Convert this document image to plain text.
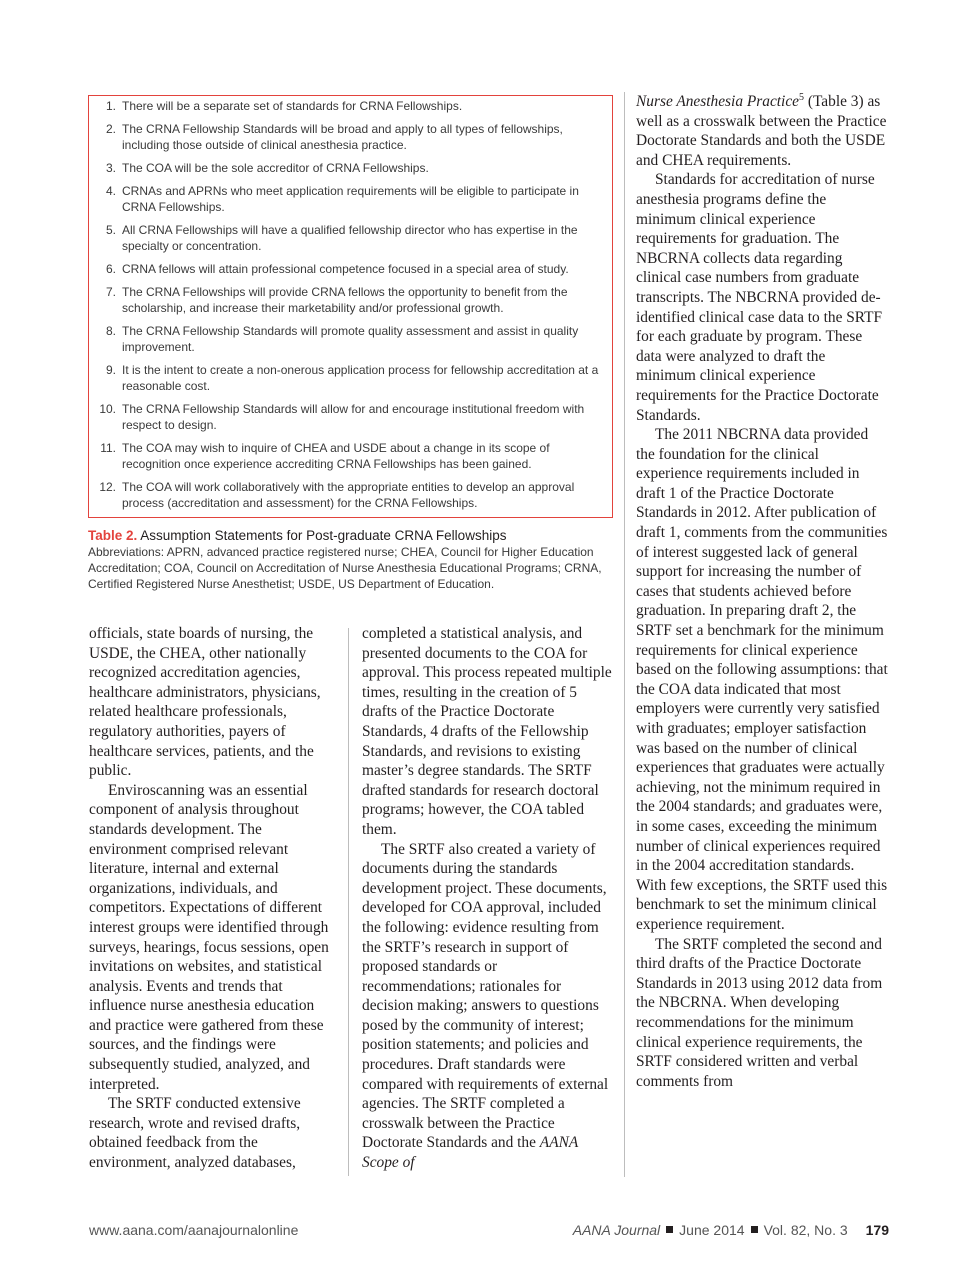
1. There will be a separate set of standards for CRNA Fellowships.
2. The CRNA Fellowship Standards will be broad and apply to all types of fellowships, including those outside of clinical anesthesia practice.
3. The COA will be the sole accreditor of CRNA Fellowships.
4. CRNAs and APRNs who meet application requirements will be eligible to participate in CRNA Fellowships.
5. All CRNA Fellowships will have a qualified fellowship director who has expertise in the specialty or concentration.
6. CRNA fellows will attain professional competence focused in a special area of study.
7. The CRNA Fellowships will provide CRNA fellows the opportunity to benefit from the scholarship, and increase their marketability and/or professional growth.
8. The CRNA Fellowship Standards will promote quality assessment and assist in quality improvement.
9. It is the intent to create a non-onerous application process for fellowship accreditation at a reasonable cost.
10. The CRNA Fellowship Standards will allow for and encourage institutional freedom with respect to design.
11. The COA may wish to inquire of CHEA and USDE about a change in its scope of recognition once experience accrediting CRNA Fellowships has been gained.
12. The COA will work collaboratively with the appropriate entities to develop an approval process (accreditation and assessment) for the CRNA Fellowships.
Table 2. Assumption Statements for Post-graduate CRNA Fellowships
Abbreviations: APRN, advanced practice registered nurse; CHEA, Council for Higher Education Accreditation; COA, Council on Accreditation of Nurse Anesthesia Educational Programs; CRNA, Certified Registered Nurse Anesthetist; USDE, US Department of Education.

officials, state boards of nursing, the USDE, the CHEA, other nationally recognized accreditation agencies, healthcare administrators, physicians, related healthcare professionals, regulatory authorities, payers of healthcare services, patients, and the public.

Enviroscanning was an essential component of analysis throughout standards development. The environment comprised relevant literature, internal and external organizations, individuals, and competitors. Expectations of different interest groups were identified through surveys, hearings, focus sessions, open invitations on websites, and statistical analysis. Events and trends that influence nurse anesthesia education and practice were gathered from these sources, and the findings were subsequently studied, analyzed, and interpreted.

The SRTF conducted extensive research, wrote and revised drafts, obtained feedback from the environment, analyzed databases,

completed a statistical analysis, and presented documents to the COA for approval. This process repeated multiple times, resulting in the creation of 5 drafts of the Practice Doctorate Standards, 4 drafts of the Fellowship Standards, and revisions to existing master’s degree standards. The SRTF drafted standards for research doctoral programs; however, the COA tabled them.

The SRTF also created a variety of documents during the standards development project. These documents, developed for COA approval, included the following: evidence resulting from the SRTF’s research in support of proposed standards or recommendations; rationales for decision making; answers to questions posed by the community of interest; position statements; and policies and procedures. Draft standards were compared with requirements of external agencies. The SRTF completed a crosswalk between the Practice Doctorate Standards and the AANA Scope of

Nurse Anesthesia Practice$^5$ (Table 3) as well as a crosswalk between the Practice Doctorate Standards and both the USDE and CHEA requirements.

Standards for accreditation of nurse anesthesia programs define the minimum clinical experience requirements for graduation. The NBCRNA collects data regarding clinical case numbers from graduate transcripts. The NBCRNA provided de-identified clinical case data to the SRTF for each graduate by program. These data were analyzed to draft the minimum clinical experience requirements for the Practice Doctorate Standards.

The 2011 NBCRNA data provided the foundation for the clinical experience requirements included in draft 1 of the Practice Doctorate Standards in 2012. After publication of draft 1, comments from the communities of interest suggested lack of general support for increasing the number of cases that students achieved before graduation. In preparing draft 2, the SRTF set a benchmark for the minimum requirements for clinical experience based on the following assumptions: that the COA data indicated that most employers were currently very satisfied with graduates; employer satisfaction was based on the number of clinical experiences that graduates were actually achieving, not the minimum required in the 2004 standards; and graduates were, in some cases, exceeding the minimum number of clinical experiences required in the 2004 accreditation standards. With few exceptions, the SRTF used this benchmark to set the minimum clinical experience requirement.

The SRTF completed the second and third drafts of the Practice Doctorate Standards in 2013 using 2012 data from the NBCRNA. When developing recommendations for the minimum clinical experience requirements, the SRTF considered written and verbal comments from

www.aana.com/aanajournalonline	AANA Journal June 2014 Vol. 82, No. 3 179
